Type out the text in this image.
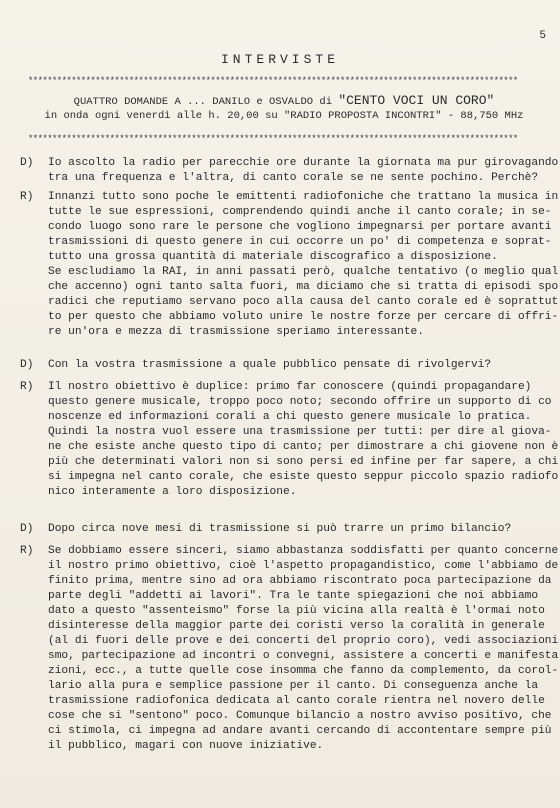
5
INTERVISTE
******************************************************************************************************
QUATTRO DOMANDE A ... DANILO e OSVALDO di "CENTO VOCI UN CORO"
in onda ogni venerdì alle h. 20,00 su "RADIO PROPOSTA INCONTRI" - 88,750 MHz
******************************************************************************************************
D)	Io ascolto la radio per parecchie ore durante la giornata ma pur girovagando
tra una frequenza e l'altra, di canto corale se ne sente pochino. Perchè?
R)	Innanzi tutto sono poche le emittenti radiofoniche che trattano la musica in
tutte le sue espressioni, comprendendo quindi anche il canto corale; in se-
condo luogo sono rare le persone che vogliono impegnarsi per portare avanti
trasmissioni di questo genere in cui occorre un po' di competenza e soprat-
tutto una grossa quantità di materiale discografico a disposizione.
Se escludiamo la RAI, in anni passati però, qualche tentativo (o meglio qual
che accenno) ogni tanto salta fuori, ma diciamo che si tratta di episodi spo
radici che reputiamo servano poco alla causa del canto corale ed è soprattut
to per questo che abbiamo voluto unire le nostre forze per cercare di offri-
re un'ora e mezza di trasmissione speriamo interessante.
D)	Con la vostra trasmissione a quale pubblico pensate di rivolgervi?
R)	Il nostro obiettivo è duplice: primo far conoscere (quindi propagandare)
questo genere musicale, troppo poco noto; secondo offrire un supporto di co
noscenze ed informazioni corali a chi questo genere musicale lo pratica.
Quindi la nostra vuol essere una trasmissione per tutti: per dire al giova-
ne che esiste anche questo tipo di canto; per dimostrare a chi giovene non è
più che determinati valori non si sono persi ed infine per far sapere, a chi
si impegna nel canto corale, che esiste questo seppur piccolo spazio radiofo
nico interamente a loro disposizione.
D)	Dopo circa nove mesi di trasmissione si può trarre un primo bilancio?
R)	Se dobbiamo essere sinceri, siamo abbastanza soddisfatti per quanto concerne
il nostro primo obiettivo, cioè l'aspetto propagandistico, come l'abbiamo de
finito prima, mentre sino ad ora abbiamo riscontrato poca partecipazione da
parte degli "addetti ai lavori". Tra le tante spiegazioni che noi abbiamo
dato a questo "assenteismo" forse la più vicina alla realtà è l'ormai noto
disinteresse della maggior parte dei coristi verso la coralità in generale
(al di fuori delle prove e dei concerti del proprio coro), vedi associazioni
smo, partecipazione ad incontri o convegni, assistere a concerti e manifesta
zioni, ecc., a tutte quelle cose insomma che fanno da complemento, da corol-
lario alla pura e semplice passione per il canto. Di conseguenza anche la
trasmissione radiofonica dedicata al canto corale rientra nel novero delle
cose che si "sentono" poco. Comunque bilancio a nostro avviso positivo, che
ci stimola, ci impegna ad andare avanti cercando di accontentare sempre più
il pubblico, magari con nuove iniziative.
